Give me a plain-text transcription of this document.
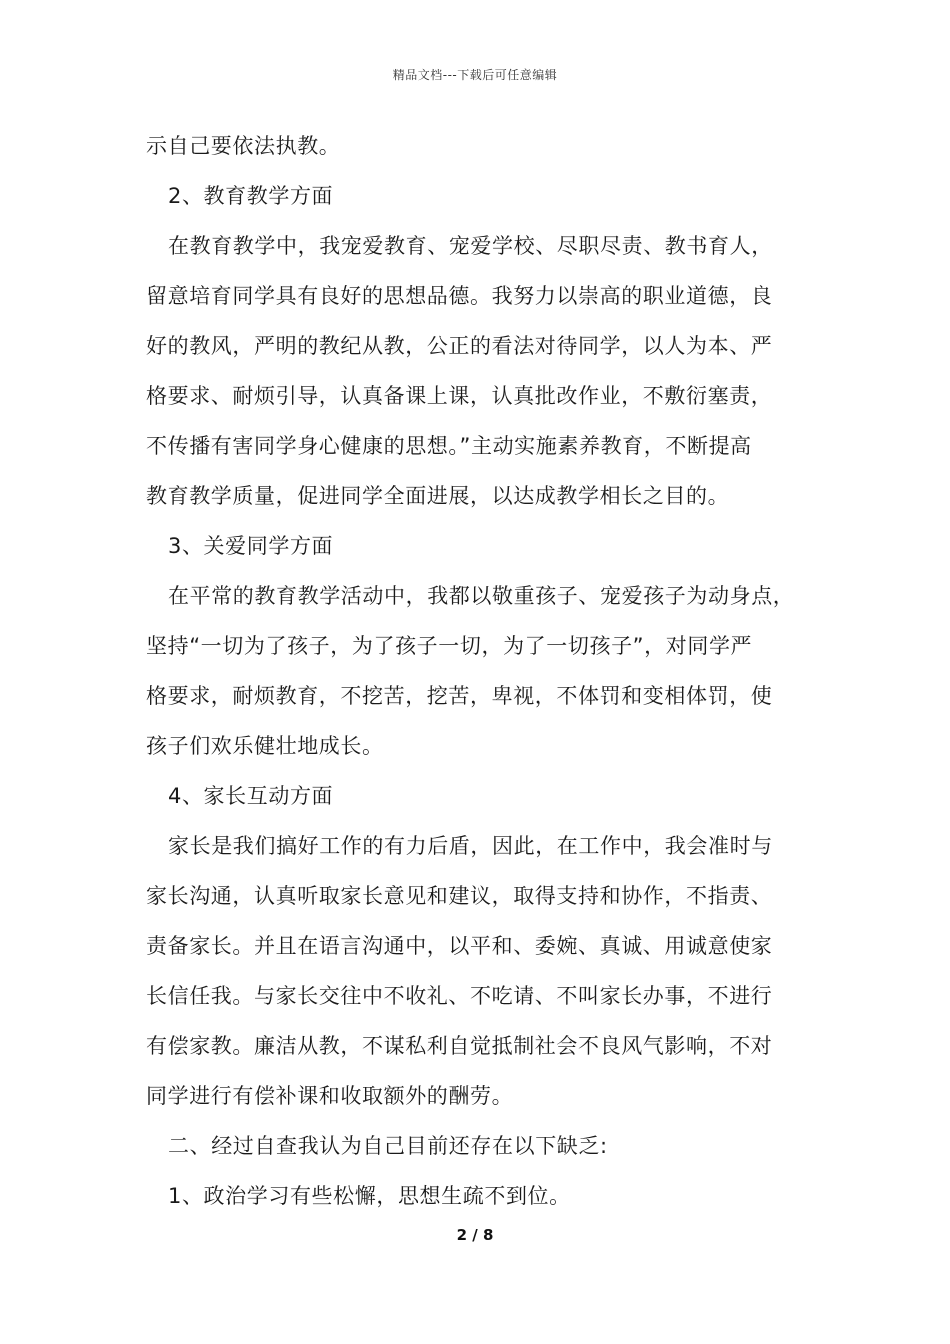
精品文档---下载后可任意编辑
示自己要依法执教。
2、教育教学方面
在教育教学中，我宠爱教育、宠爱学校、尽职尽责、教书育人，
留意培育同学具有良好的思想品德。我努力以崇高的职业道德，良
好的教风，严明的教纪从教，公正的看法对待同学，以人为本、严
格要求、耐烦引导，认真备课上课，认真批改作业，不敷衍塞责，
不传播有害同学身心健康的思想。”主动实施素养教育，不断提高
教育教学质量，促进同学全面进展，以达成教学相长之目的。
3、关爱同学方面
在平常的教育教学活动中，我都以敬重孩子、宠爱孩子为动身点，
坚持“一切为了孩子，为了孩子一切，为了一切孩子”，对同学严
格要求，耐烦教育，不挖苦，挖苦，卑视，不体罚和变相体罚，使
孩子们欢乐健壮地成长。
4、家长互动方面
家长是我们搞好工作的有力后盾，因此，在工作中，我会准时与
家长沟通，认真听取家长意见和建议，取得支持和协作，不指责、
责备家长。并且在语言沟通中，以平和、委婉、真诚、用诚意使家
长信任我。与家长交往中不收礼、不吃请、不叫家长办事，不进行
有偿家教。廉洁从教，不谋私利自觉抵制社会不良风气影响，不对
同学进行有偿补课和收取额外的酬劳。
二、经过自查我认为自己目前还存在以下缺乏:
1、政治学习有些松懈，思想生疏不到位。
2 / 8
